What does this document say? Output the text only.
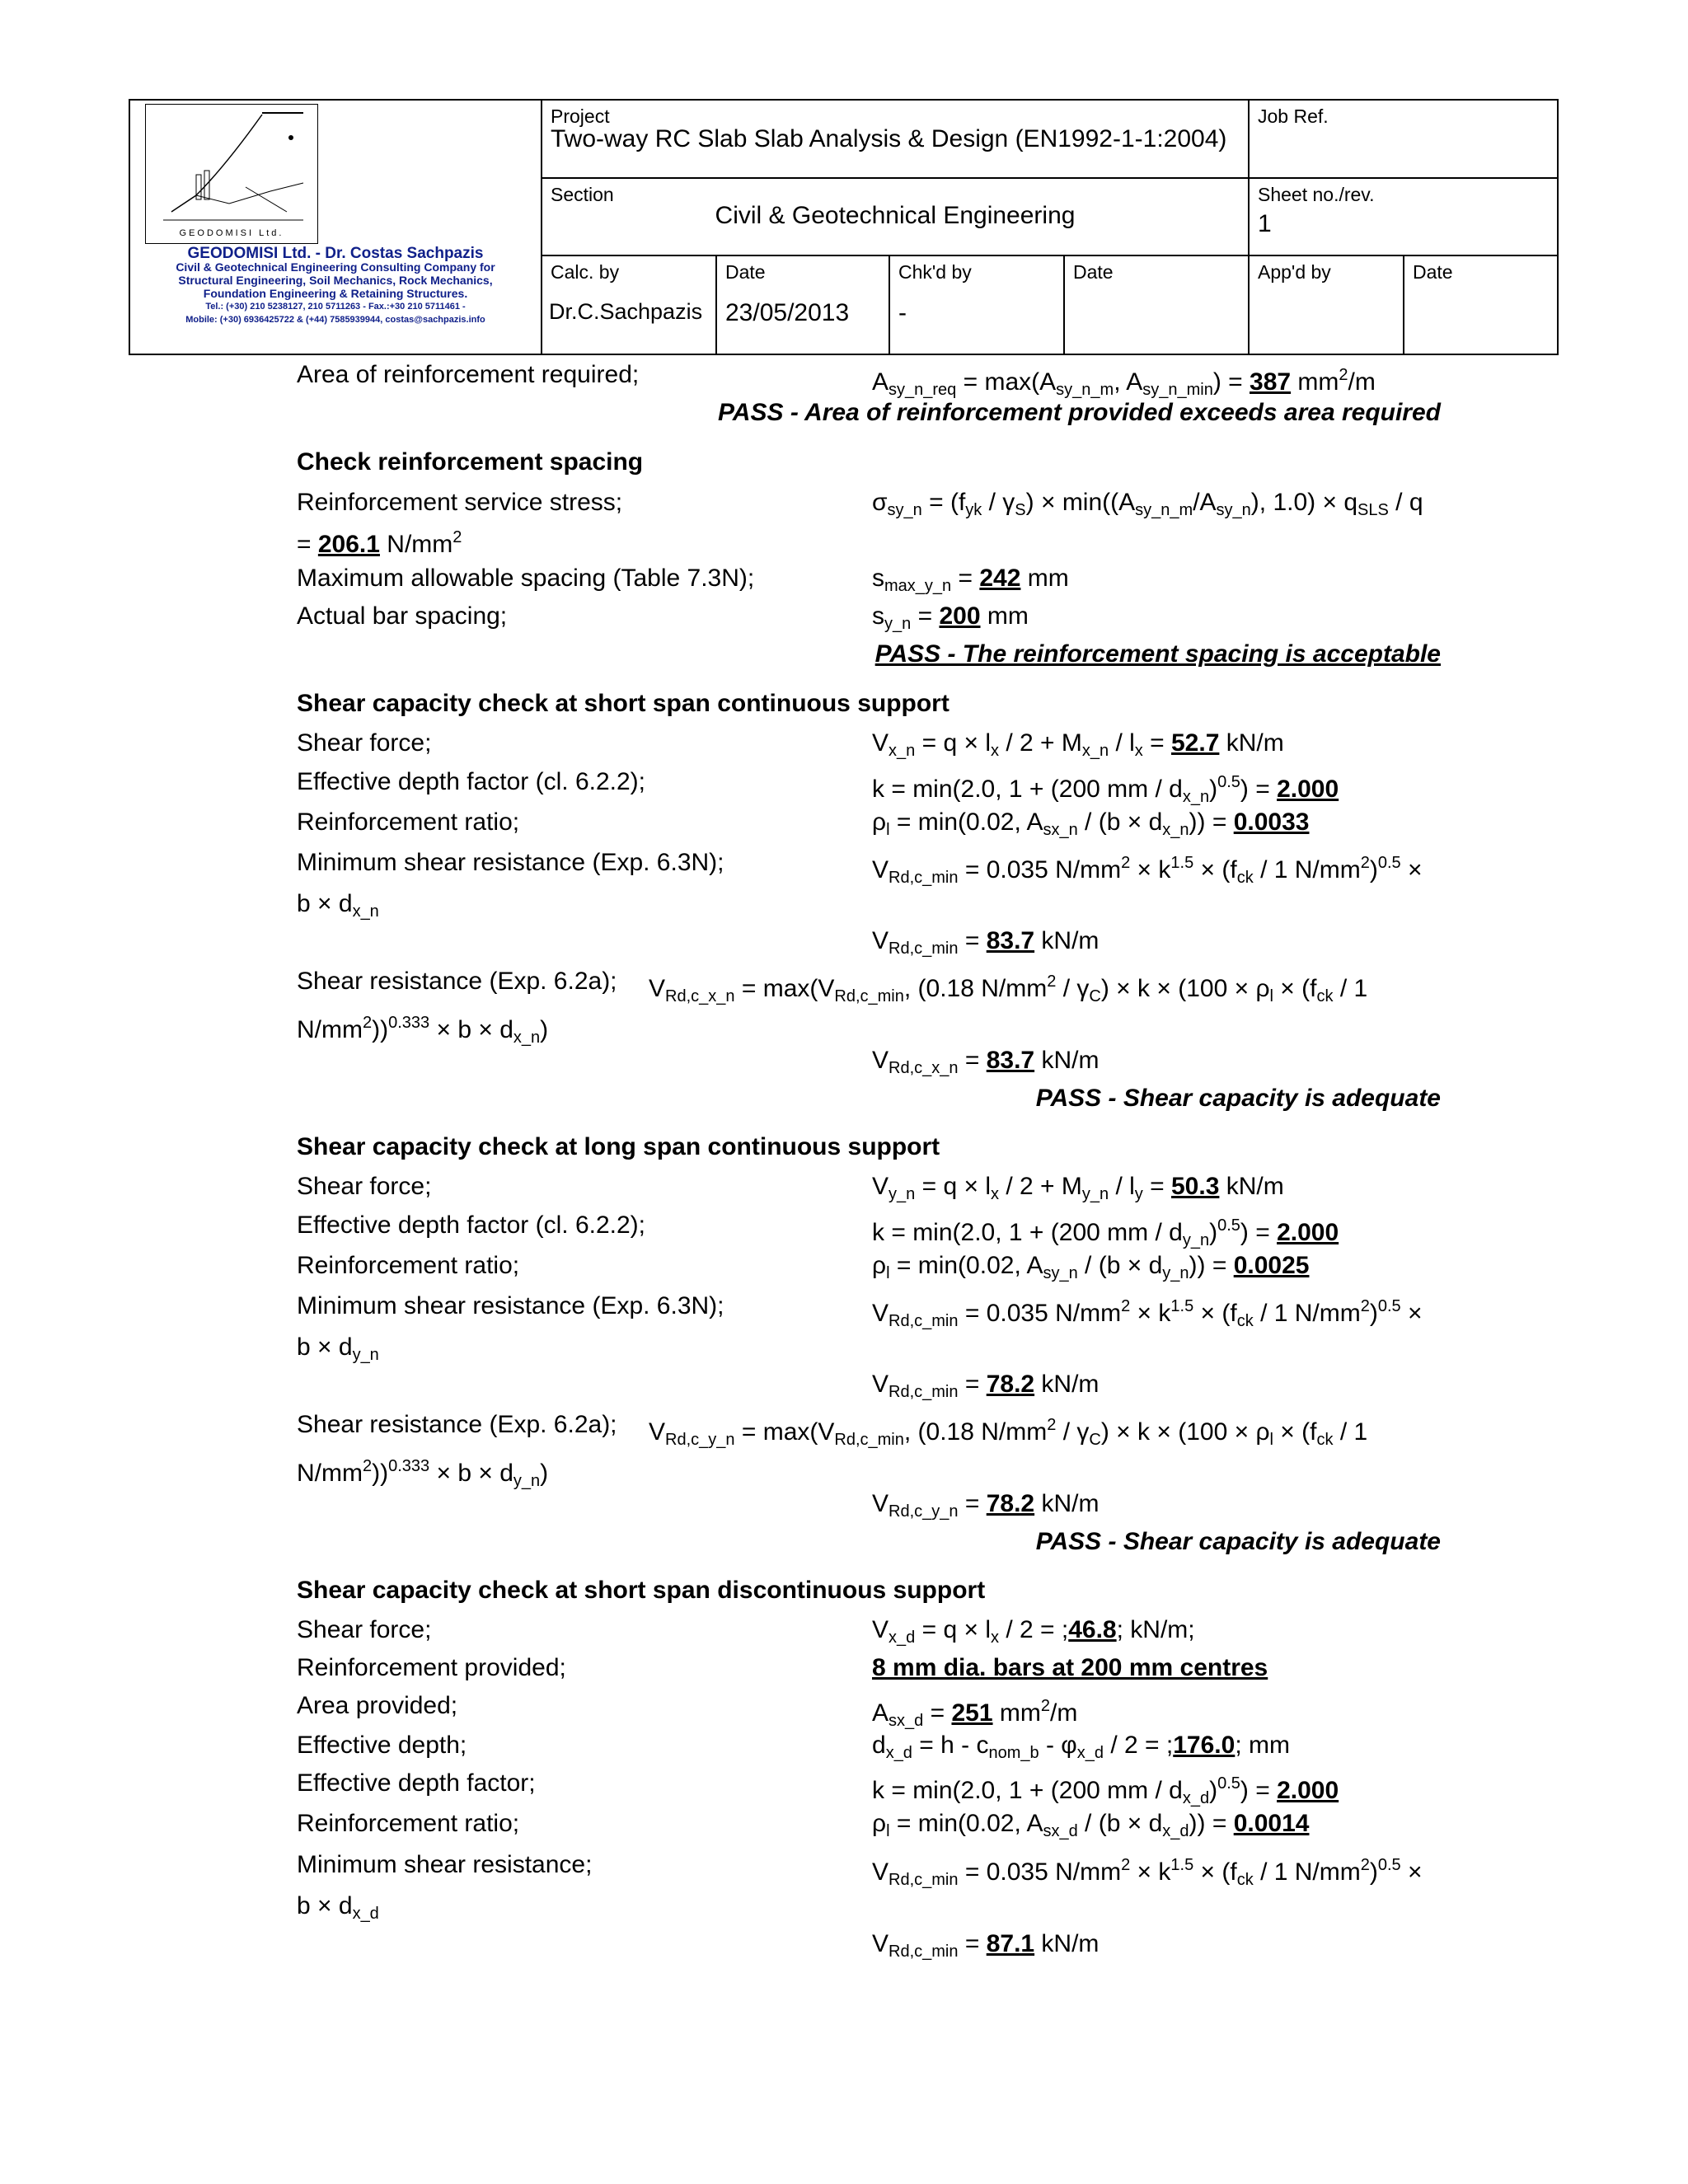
GEODOMISI Ltd.
GEODOMISI Ltd. - Dr. Costas Sachpazis
Civil & Geotechnical Engineering Consulting Company for
Structural Engineering, Soil Mechanics, Rock Mechanics,
Foundation Engineering & Retaining Structures.
Tel.: (+30) 210 5238127, 210 5711263 - Fax.:+30 210 5711461 -
Mobile: (+30) 6936425722 & (+44) 7585939944, costas@sachpazis.info
Project
Two-way RC Slab Slab Analysis & Design (EN1992-1-1:2004)
Job Ref.
Section
Civil & Geotechnical Engineering
Sheet no./rev.
1
Calc. by
Dr.C.Sachpazis
Date
23/05/2013
Chk'd by
-
Date	App'd by	Date
Area of reinforcement required;	$A_{sy\_n\_req} = \max(A_{sy\_n\_m}$, $A_{sy\_n\_min}) = 387$ $mm^2/m$
PASS - Area of reinforcement provided exceeds area required
Check reinforcement spacing
Reinforcement service stress;	$\sigma_{sy\_n} = (f_{yk} / \gamma_S) \times \min((A_{sy\_n\_m}/A_{sy\_n})$, $1.0) \times q_{SLS} / q$
= 206.1 $N/mm^2$
Maximum allowable spacing (Table 7.3N);	$s_{max\_y\_n} = 242$ mm
Actual bar spacing;	$s_{y\_n} = 200$ mm
PASS - The reinforcement spacing is acceptable
Shear capacity check at short span continuous support
Shear force;	$V_{x\_n} = q \times l_x / 2 + M_{x\_n} / l_x = 52.7$ kN/m
Effective depth factor (cl. 6.2.2);	k = min(2.0, 1 + (200 mm / $d_{x\_n})^{0.5}) = 2.000$
Reinforcement ratio;	$\rho_l = \min(0.02$, $A_{sx\_n} / (b \times d_{x\_n})) = 0.0033$
Minimum shear resistance (Exp. 6.3N);	$V_{Rd,c\_min} = 0.035$ $N/mm^2 \times k^{1.5} \times (f_{ck} / 1$ $N/mm^2)^{0.5}$ ×
$b \times d_{x\_n}$
$V_{Rd,c\_min} = 83.7$ kN/m
Shear resistance (Exp. 6.2a); $V_{Rd,c\_x\_n} = \max(V_{Rd,c\_min}$, (0.18 $N/mm^2 / \gamma_C) \times k \times (100 \times \rho_l \times (f_{ck} / 1$
$N/mm^2))^{0.333} \times b \times d_{x\_n}$)
$V_{Rd,c\_x\_n} = 83.7$ kN/m
PASS - Shear capacity is adequate
Shear capacity check at long span continuous support
Shear force;	$V_{y\_n} = q \times l_x / 2 + M_{y\_n} / l_y = 50.3$ kN/m
Effective depth factor (cl. 6.2.2);	k = min(2.0, 1 + (200 mm / $d_{y\_n})^{0.5}) = 2.000$
Reinforcement ratio;	$\rho_l = \min(0.02$, $A_{sy\_n} / (b \times d_{y\_n})) = 0.0025$
Minimum shear resistance (Exp. 6.3N);	$V_{Rd,c\_min} = 0.035$ $N/mm^2 \times k^{1.5} \times (f_{ck} / 1$ $N/mm^2)^{0.5}$ ×
$b \times d_{y\_n}$
$V_{Rd,c\_min} = 78.2$ kN/m
Shear resistance (Exp. 6.2a); $V_{Rd,c\_y\_n} = \max(V_{Rd,c\_min}$, (0.18 $N/mm^2 / \gamma_C) \times k \times (100 \times \rho_l \times (f_{ck} / 1$
$N/mm^2))^{0.333} \times b \times d_{y\_n}$)
$V_{Rd,c\_y\_n} = 78.2$ kN/m
PASS - Shear capacity is adequate
Shear capacity check at short span discontinuous support
Shear force;	$V_{x\_d} = q \times l_x / 2$ = ;46.8; kN/m;
Reinforcement provided;	8 mm dia. bars at 200 mm centres
Area provided;	$A_{sx\_d} = 251$ $mm^2/m$
Effective depth;	$d_{x\_d} = h - c_{nom\_b} - \varphi_{x\_d} / 2$ = ;176.0; mm
Effective depth factor;	k = min(2.0, 1 + (200 mm / $d_{x\_d})^{0.5}) = 2.000$
Reinforcement ratio;	$\rho_l = \min(0.02$, $A_{sx\_d} / (b \times d_{x\_d})) = 0.0014$
Minimum shear resistance;	$V_{Rd,c\_min} = 0.035$ $N/mm^2 \times k^{1.5} \times (f_{ck} / 1$ $N/mm^2)^{0.5}$ ×
$b \times d_{x\_d}$
$V_{Rd,c\_min} = 87.1$ kN/m
